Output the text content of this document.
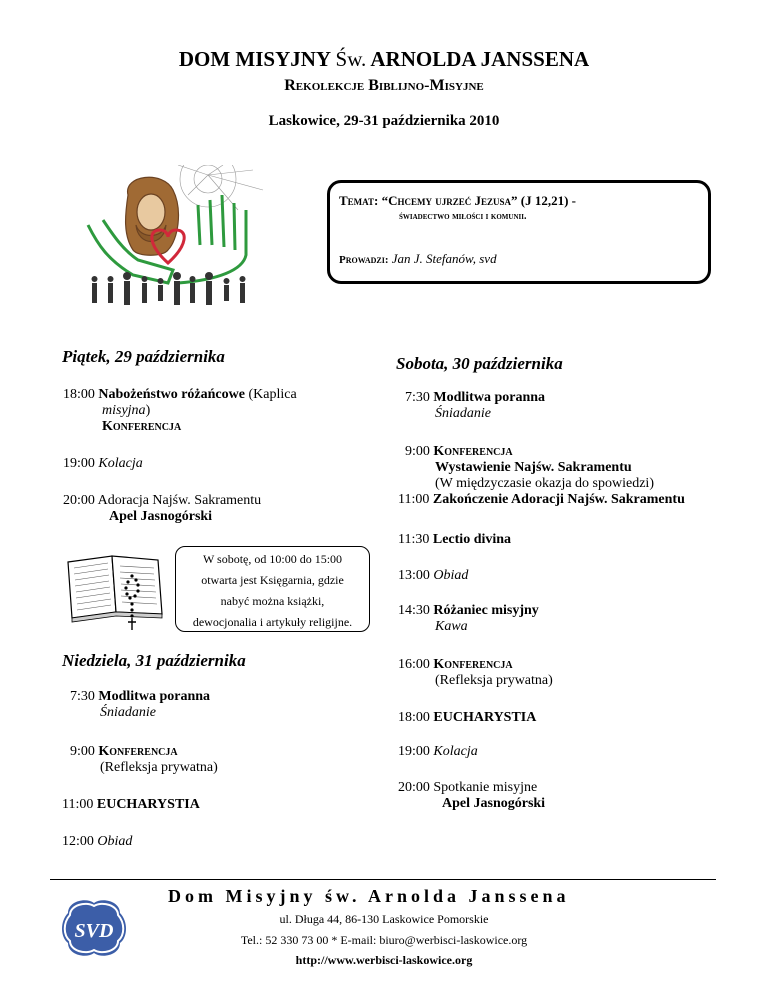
DOM MISYJNY Św. ARNOLDA JANSSENA
Rekolekcje Biblijno-Misyjne
Laskowice, 29-31 października 2010
Temat: “Chcemy ujrzeć Jezusa” (J 12,21) -
świadectwo miłości i komunii.
Prowadzi: Jan J. Stefanów, svd
Piątek, 29 października
18:00 Nabożeństwo różańcowe (Kaplica
misyjna)
Konferencja
19:00 Kolacja
20:00 Adoracja Najśw. Sakramentu
Apel Jasnogórski
W sobotę, od 10:00 do 15:00
otwarta jest Księgarnia, gdzie
nabyć można książki,
dewocjonalia i artykuły religijne.
Niedziela, 31 października
7:30 Modlitwa poranna
Śniadanie
9:00 Konferencja
(Refleksja prywatna)
11:00 EUCHARYSTIA
12:00 Obiad
Sobota, 30 października
7:30 Modlitwa poranna
Śniadanie
9:00 Konferencja
Wystawienie Najśw. Sakramentu
(W międzyczasie okazja do spowiedzi)
11:00 Zakończenie Adoracji Najśw. Sakramentu
11:30 Lectio divina
13:00 Obiad
14:30 Różaniec misyjny
Kawa
16:00 Konferencja
(Refleksja prywatna)
18:00 EUCHARYSTIA
19:00 Kolacja
20:00 Spotkanie misyjne
Apel Jasnogórski
SVD
Dom Misyjny św. Arnolda Janssena
ul. Długa 44, 86-130 Laskowice Pomorskie
Tel.: 52 330 73 00 * E-mail: biuro@werbisci-laskowice.org
http://www.werbisci-laskowice.org
